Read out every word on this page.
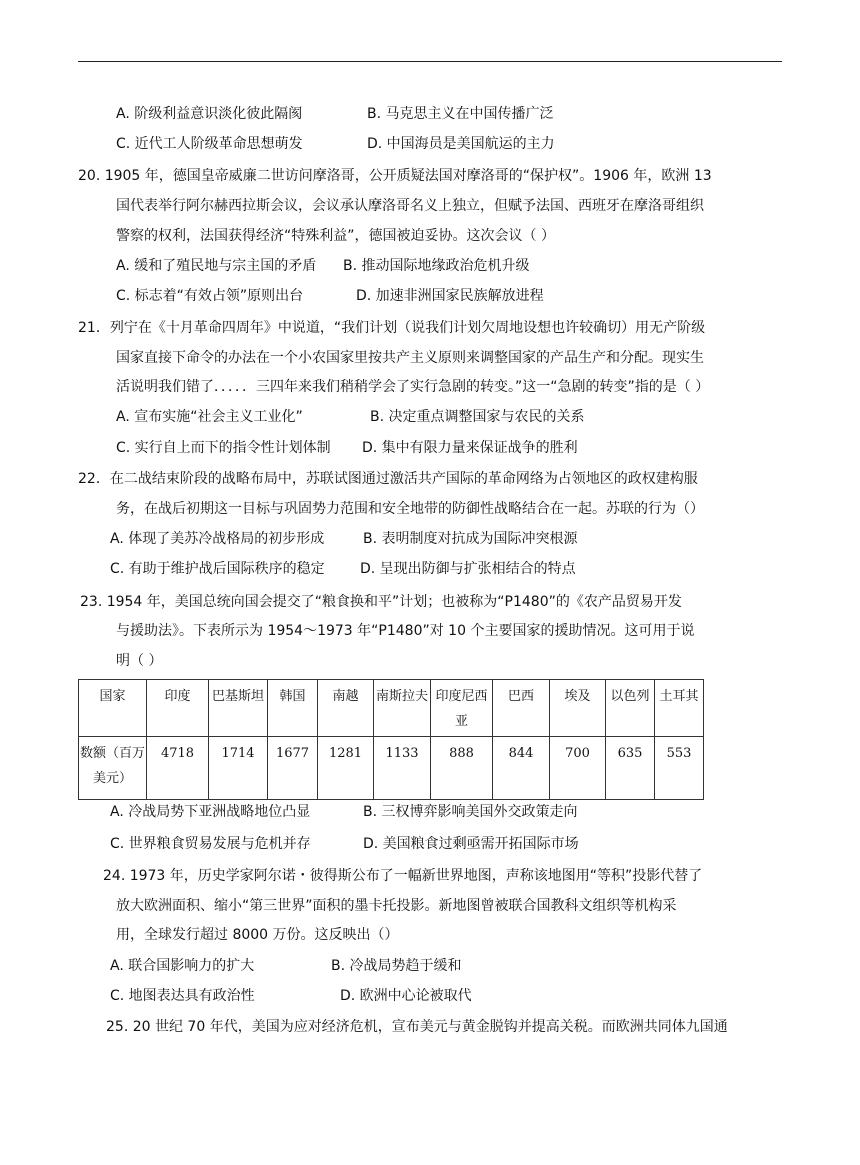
A. 阶级利益意识淡化彼此隔阂	B. 马克思主义在中国传播广泛
C. 近代工人阶级革命思想萌发	D. 中国海员是美国航运的主力
20. 1905 年，德国皇帝威廉二世访问摩洛哥，公开质疑法国对摩洛哥的“保护权”。1906 年，欧洲 13
国代表举行阿尔赫西拉斯会议，会议承认摩洛哥名义上独立，但赋予法国、西班牙在摩洛哥组织
警察的权利，法国获得经济“特殊利益”，德国被迫妥协。这次会议（ ）
A. 缓和了殖民地与宗主国的矛盾 B. 推动国际地缘政治危机升级
C. 标志着“有效占领”原则出台	D. 加速非洲国家民族解放进程
21．列宁在《十月革命四周年》中说道，“我们计划（说我们计划欠周地设想也许较确切）用无产阶级
国家直接下命令的办法在一个小农国家里按共产主义原则来调整国家的产品生产和分配。现实生
活说明我们错了．．．．．三四年来我们稍稍学会了实行急剧的转变。”这一“急剧的转变”指的是（ ）
A. 宣布实施“社会主义工业化”	B. 决定重点调整国家与农民的关系
C. 实行自上而下的指令性计划体制 D. 集中有限力量来保证战争的胜利
22．在二战结束阶段的战略布局中，苏联试图通过激活共产国际的革命网络为占领地区的政权建构服
务，在战后初期这一目标与巩固势力范围和安全地带的防御性战略结合在一起。苏联的行为（）
A. 体现了美苏冷战格局的初步形成	B. 表明制度对抗成为国际冲突根源
C. 有助于维护战后国际秩序的稳定	D. 呈现出防御与扩张相结合的特点
23. 1954 年，美国总统向国会提交了“粮食换和平”计划；也被称为“P1480”的《农产品贸易开发
与援助法》。下表所示为 1954～1973 年“P1480”对 10 个主要国家的援助情况。这可用于说
明（ ）
国家	印度	巴基斯坦	韩国	南越	南斯拉夫	印度尼西亚	巴西	埃及	以色列	土耳其
数额（百万美元）	4718	1714	1677	1281	1133	888	844	700	635	553
A. 冷战局势下亚洲战略地位凸显	B. 三权博弈影响美国外交政策走向
C. 世界粮食贸易发展与危机并存	D. 美国粮食过剩亟需开拓国际市场
24. 1973 年，历史学家阿尔诺・彼得斯公布了一幅新世界地图，声称该地图用“等积”投影代替了
放大欧洲面积、缩小“第三世界”面积的墨卡托投影。新地图曾被联合国教科文组织等机构采
用，全球发行超过 8000 万份。这反映出（）
A. 联合国影响力的扩大	B. 冷战局势趋于缓和
C. 地图表达具有政治性	D. 欧洲中心论被取代
25. 20 世纪 70 年代，美国为应对经济危机，宣布美元与黄金脱钩并提高关税。而欧洲共同体九国通
